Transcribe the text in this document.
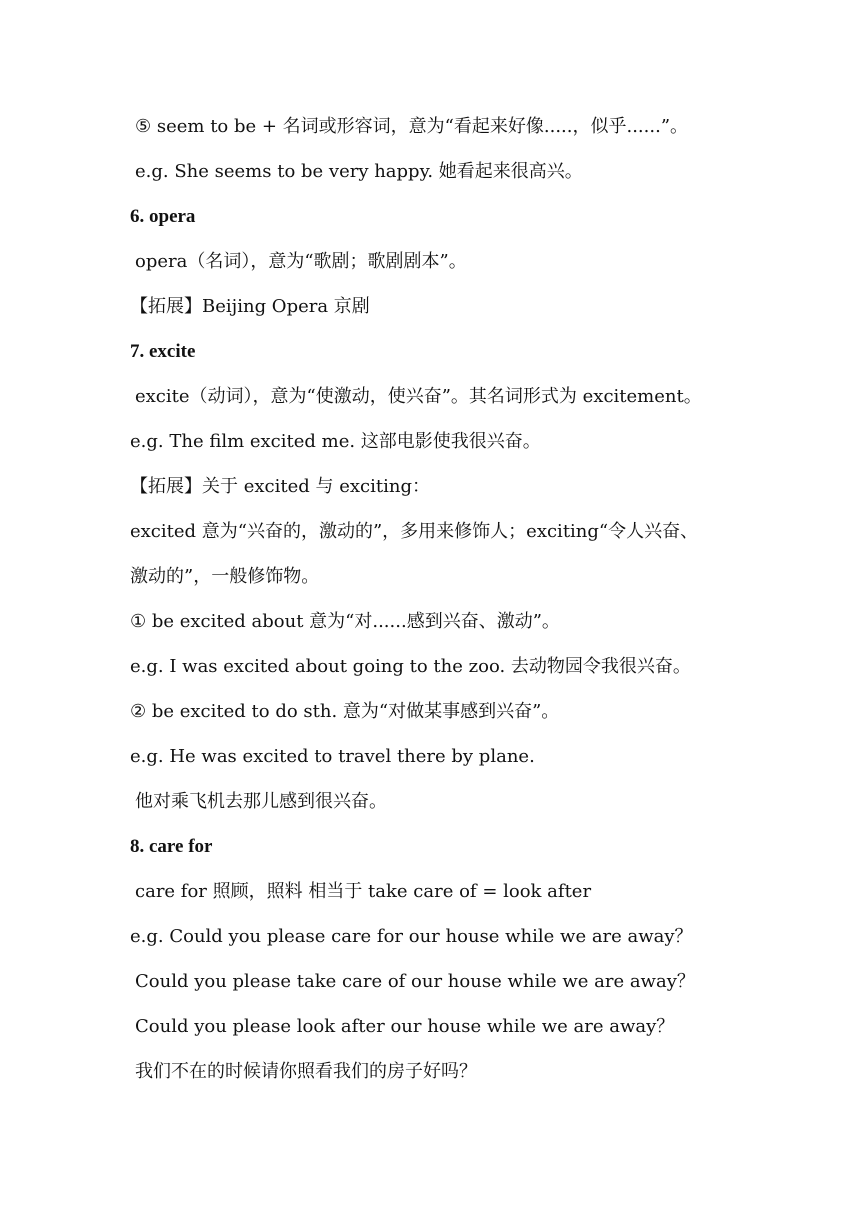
⑤ seem to be + 名词或形容词，意为“看起来好像.....，似乎......”。
e.g. She seems to be very happy. 她看起来很高兴。
6. opera
opera（名词），意为“歌剧；歌剧剧本”。
【拓展】Beijing Opera 京剧
7. excite
excite（动词），意为“使激动，使兴奋”。其名词形式为 excitement。
e.g. The film excited me. 这部电影使我很兴奋。
【拓展】关于 excited 与 exciting：
excited 意为“兴奋的，激动的”，多用来修饰人；exciting“令人兴奋、
激动的”，一般修饰物。
① be excited about 意为“对......感到兴奋、激动”。
e.g. I was excited about going to the zoo. 去动物园令我很兴奋。
② be excited to do sth. 意为“对做某事感到兴奋”。
e.g. He was excited to travel there by plane.
他对乘飞机去那儿感到很兴奋。
8. care for
care for 照顾，照料 相当于 take care of = look after
e.g. Could you please care for our house while we are away？
Could you please take care of our house while we are away？
Could you please look after our house while we are away？
我们不在的时候请你照看我们的房子好吗？
